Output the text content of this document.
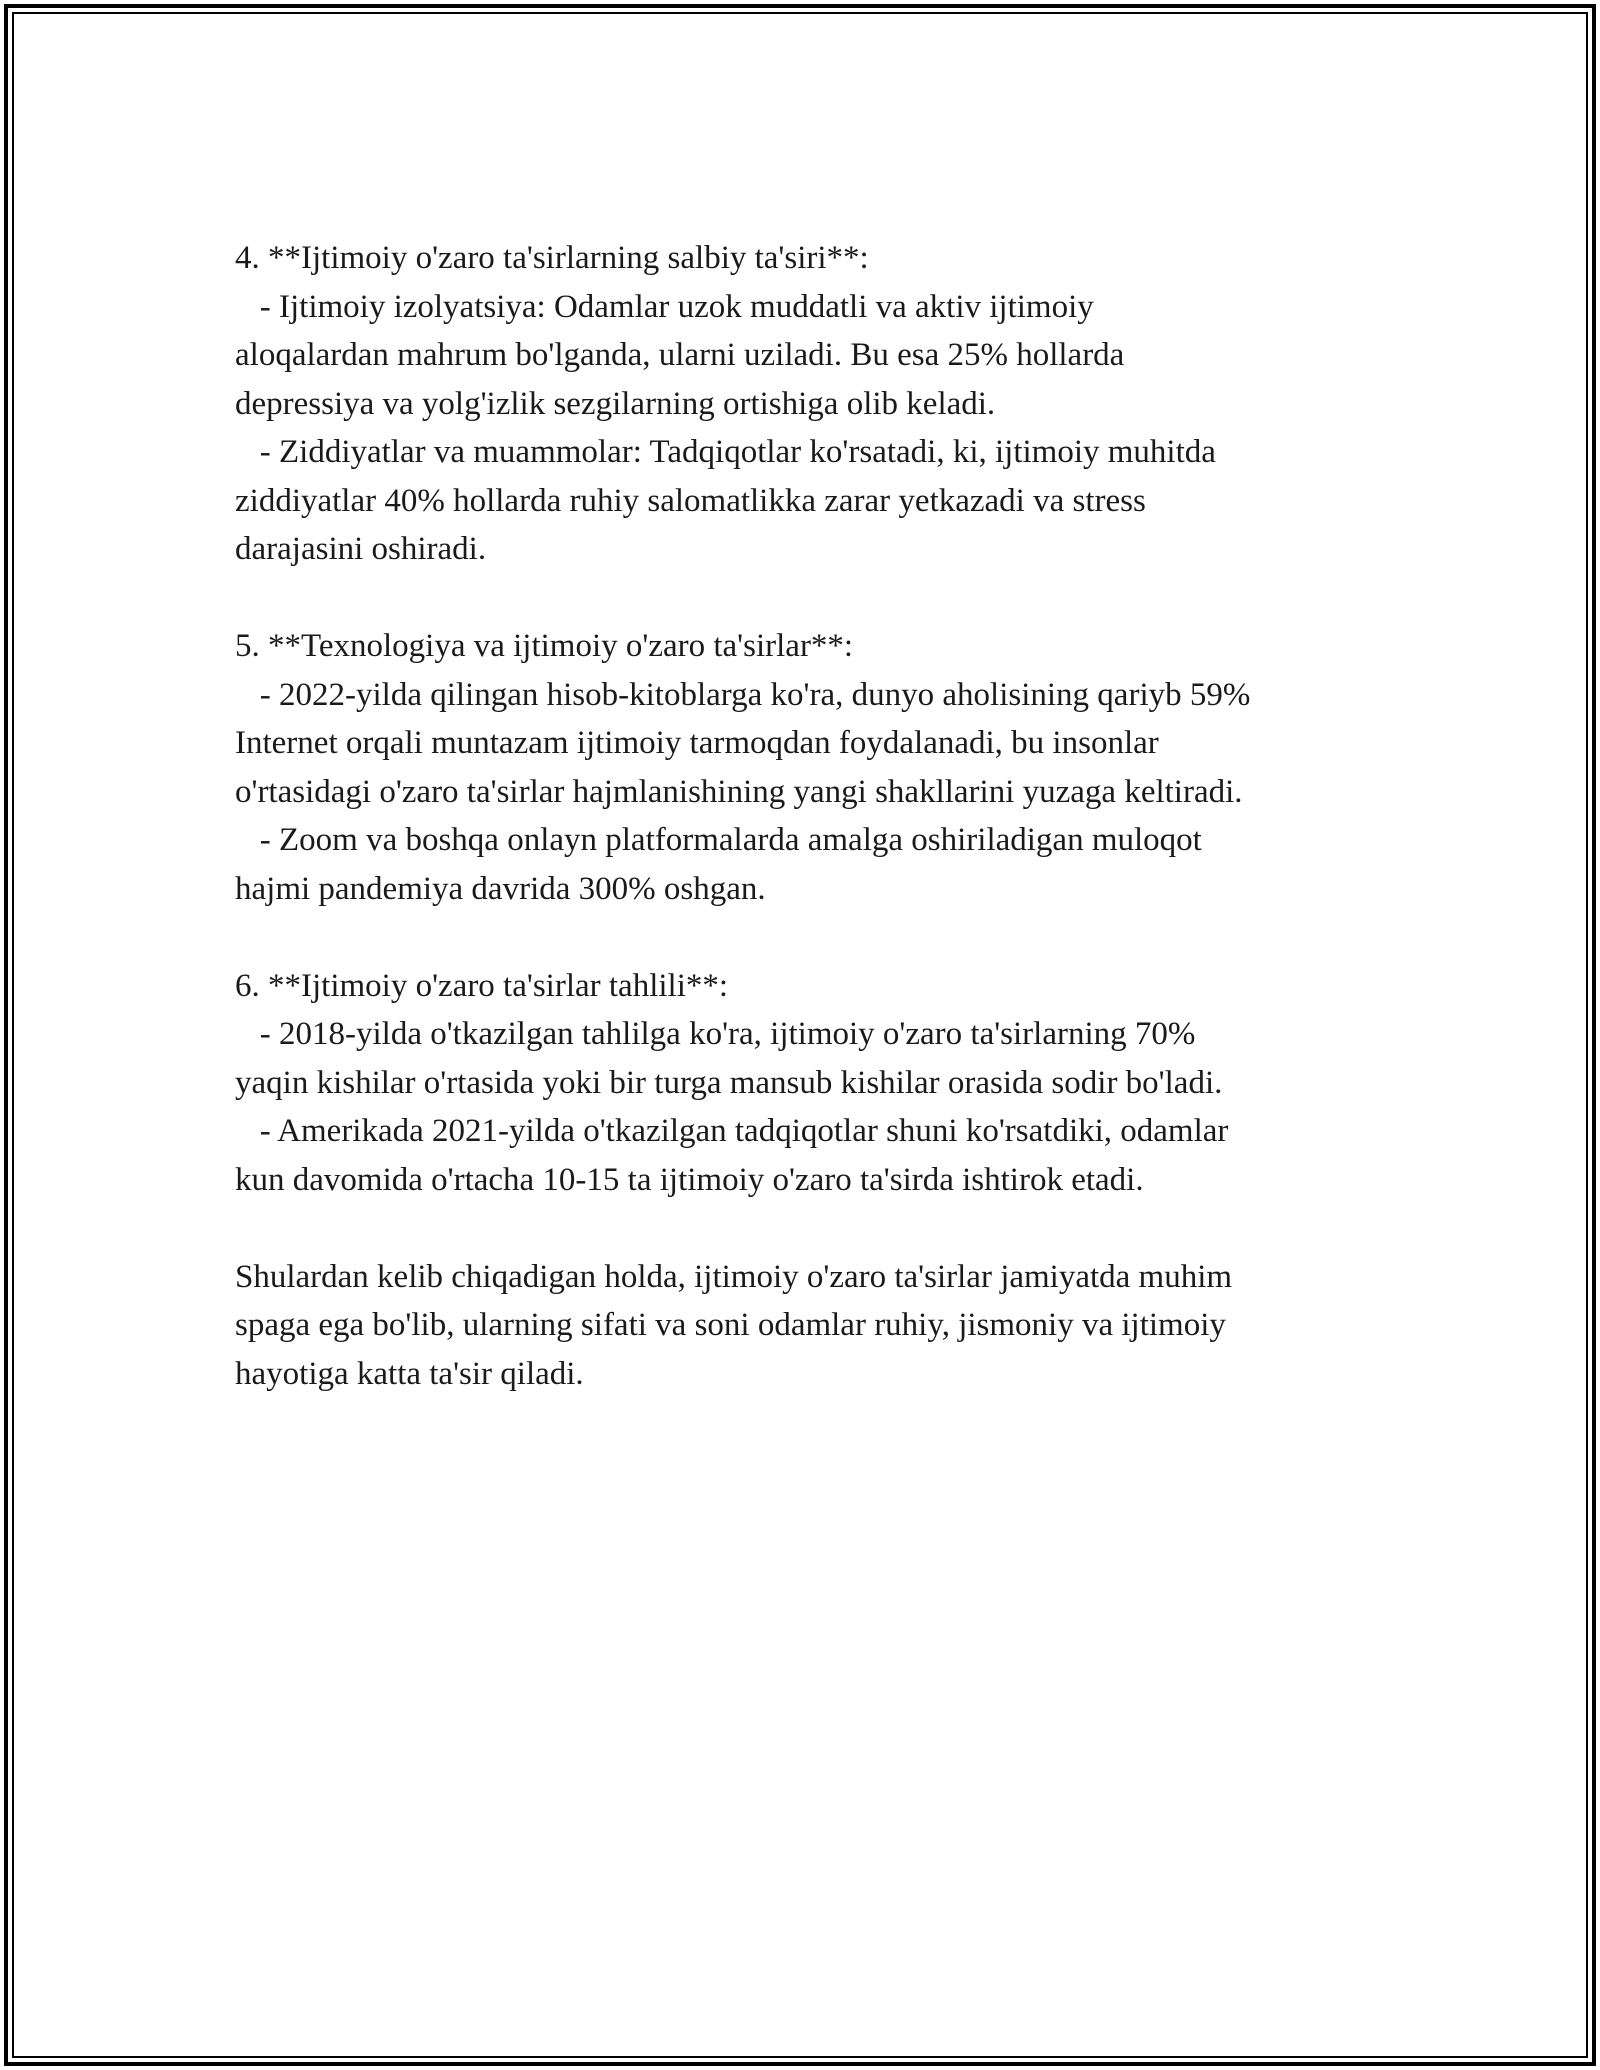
4. **Ijtimoiy o'zaro ta'sirlarning salbiy ta'siri**:
- Ijtimoiy izolyatsiya: Odamlar uzok muddatli va aktiv ijtimoiy
aloqalardan mahrum bo'lganda, ularni uziladi. Bu esa 25% hollarda
depressiya va yolg'izlik sezgilarning ortishiga olib keladi.
- Ziddiyatlar va muammolar: Tadqiqotlar ko'rsatadi, ki, ijtimoiy muhitda
ziddiyatlar 40% hollarda ruhiy salomatlikka zarar yetkazadi va stress
darajasini oshiradi.
5. **Texnologiya va ijtimoiy o'zaro ta'sirlar**:
- 2022-yilda qilingan hisob-kitoblarga ko'ra, dunyo aholisining qariyb 59%
Internet orqali muntazam ijtimoiy tarmoqdan foydalanadi, bu insonlar
o'rtasidagi o'zaro ta'sirlar hajmlanishining yangi shakllarini yuzaga keltiradi.
- Zoom va boshqa onlayn platformalarda amalga oshiriladigan muloqot
hajmi pandemiya davrida 300% oshgan.
6. **Ijtimoiy o'zaro ta'sirlar tahlili**:
- 2018-yilda o'tkazilgan tahlilga ko'ra, ijtimoiy o'zaro ta'sirlarning 70%
yaqin kishilar o'rtasida yoki bir turga mansub kishilar orasida sodir bo'ladi.
- Amerikada 2021-yilda o'tkazilgan tadqiqotlar shuni ko'rsatdiki, odamlar
kun davomida o'rtacha 10-15 ta ijtimoiy o'zaro ta'sirda ishtirok etadi.
Shulardan kelib chiqadigan holda, ijtimoiy o'zaro ta'sirlar jamiyatda muhim
spaga ega bo'lib, ularning sifati va soni odamlar ruhiy, jismoniy va ijtimoiy
hayotiga katta ta'sir qiladi.
